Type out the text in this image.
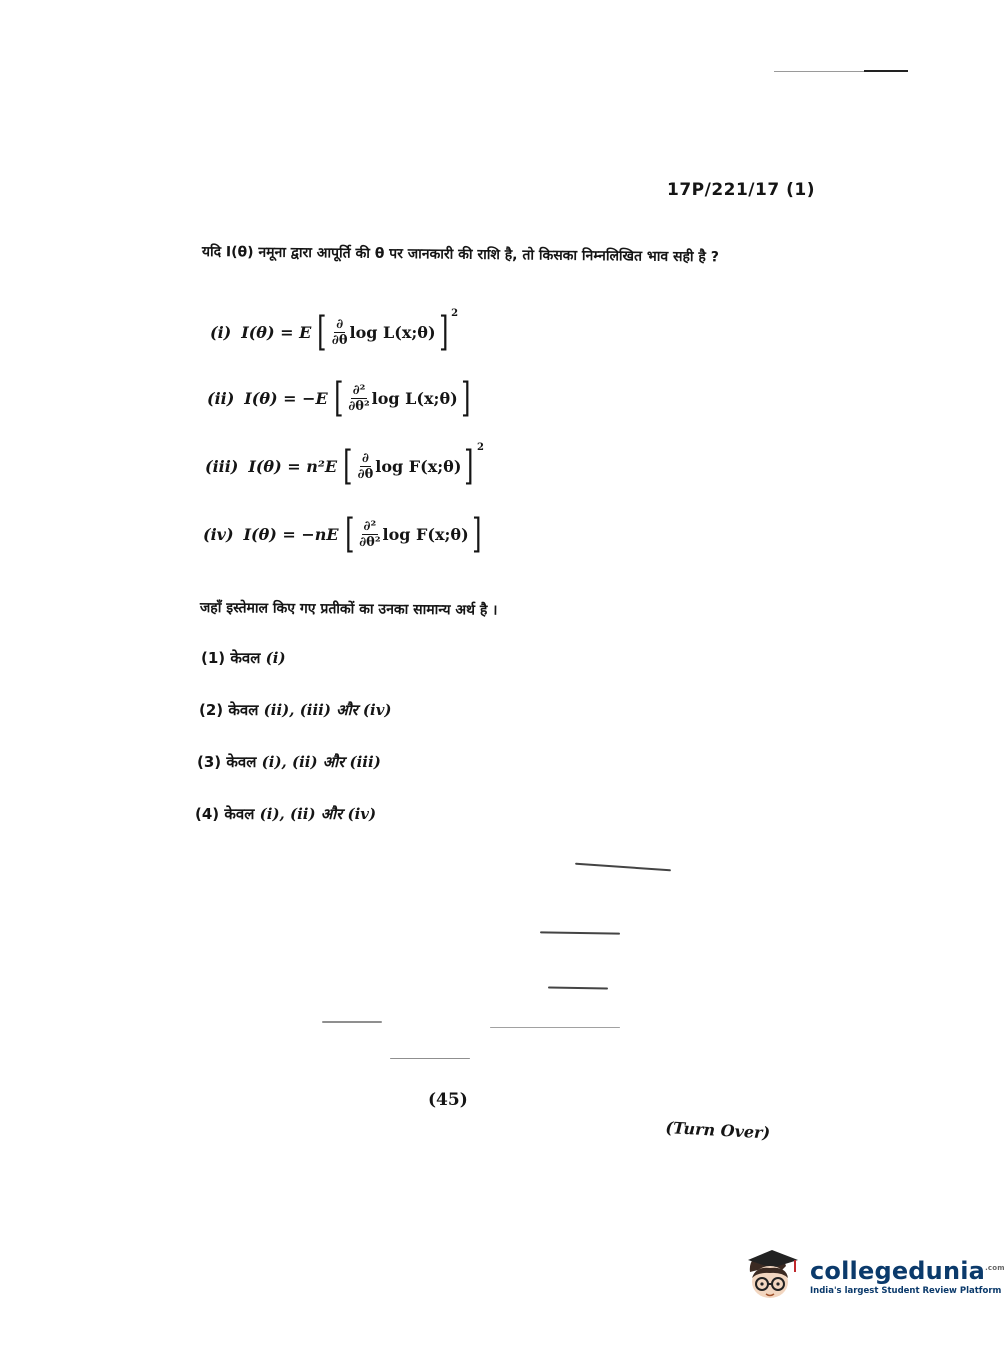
17P/221/17 (1)
यदि I(θ) नमूना द्वारा आपूर्ति की θ पर जानकारी की राशि है, तो किसका निम्नलिखित भाव सही है ?
(i) I(θ) = E [ $\frac{\partial}{\partial\theta}$ log L(x;θ) ] 2
(ii) I(θ) = −E [ $\frac{\text{∂²}}{\text{∂θ²}}$ log L(x;θ) ]
(iii) I(θ) = n²E [ $\frac{\partial}{\partial\theta}$ log F(x;θ) ] 2
(iv) I(θ) = −nE [ $\frac{\text{∂²}}{\text{∂θ²}}$ log F(x;θ) ]
जहाँ इस्तेमाल किए गए प्रतीकों का उनका सामान्य अर्थ है ।
(1) केवल (i)
(2) केवल (ii), (iii) और (iv)
(3) केवल (i), (ii) और (iii)
(4) केवल (i), (ii) और (iv)
(45)
(Turn Over)
collegedunia$^{.com}$
India's largest Student Review Platform
